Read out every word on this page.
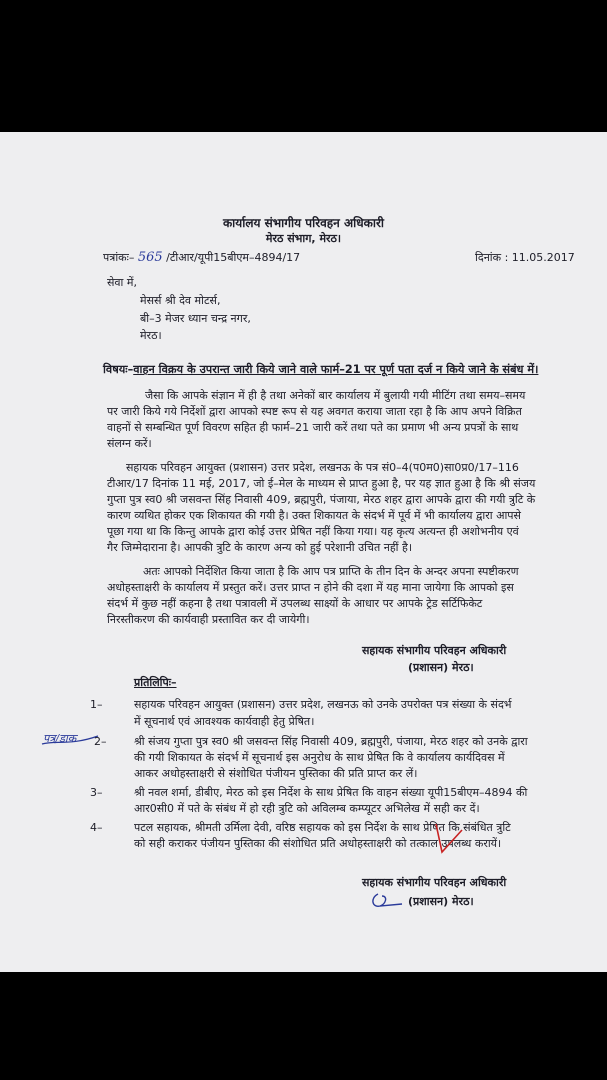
कार्यालय संभागीय परिवहन अधिकारी
मेरठ संभाग, मेरठ।
पत्रांकः– 565 /टीआर/यूपी15बीएम–4894/17	दिनांक : 11.05.2017
सेवा में,
मेसर्स श्री देव मोटर्स,
बी–3 मेजर ध्यान चन्द्र नगर,
मेरठ।
विषयः–वाहन विक्रय के उपरान्त जारी किये जाने वाले फार्म–21 पर पूर्ण पता दर्ज न किये जाने के संबंध में।
जैसा कि आपके संज्ञान में ही है तथा अनेकों बार कार्यालय में बुलायी गयी मीटिंग तथा समय–समय
पर जारी किये गये निर्देशों द्वारा आपको स्पष्ट रूप से यह अवगत कराया जाता रहा है कि आप अपने विक्रित
वाहनों से सम्बन्धित पूर्ण विवरण सहित ही फार्म–21 जारी करें तथा पते का प्रमाण भी अन्य प्रपत्रों के साथ
संलग्न करें।
सहायक परिवहन आयुक्त (प्रशासन) उत्तर प्रदेश, लखनऊ के पत्र सं0–4(प0म0)सा0प्र0/17–116
टीआर/17 दिनांक 11 मई, 2017, जो ई–मेल के माध्यम से प्राप्त हुआ है, पर यह ज्ञात हुआ है कि श्री संजय
गुप्ता पुत्र स्व0 श्री जसवन्त सिंह निवासी 409, ब्रह्मपुरी, पंजाया, मेरठ शहर द्वारा आपके द्वारा की गयी त्रुटि के
कारण व्यथित होकर एक शिकायत की गयी है। उक्त शिकायत के संदर्भ में पूर्व में भी कार्यालय द्वारा आपसे
पूछा गया था कि किन्तु आपके द्वारा कोई उत्तर प्रेषित नहीं किया गया। यह कृत्य अत्यन्त ही अशोभनीय एवं
गैर जिम्मेदाराना है। आपकी त्रुटि के कारण अन्य को हुई परेशानी उचित नहीं है।
अतः आपको निर्देशित किया जाता है कि आप पत्र प्राप्ति के तीन दिन के अन्दर अपना स्पष्टीकरण
अधोहस्ताक्षरी के कार्यालय में प्रस्तुत करें। उत्तर प्राप्त न होने की दशा में यह माना जायेगा कि आपको इस
संदर्भ में कुछ नहीं कहना है तथा पत्रावली में उपलब्ध साक्ष्यों के आधार पर आपके ट्रेड सर्टिफिकेट
निरस्तीकरण की कार्यवाही प्रस्तावित कर दी जायेगी।
सहायक संभागीय परिवहन अधिकारी
(प्रशासन) मेरठ।
प्रतिलिपिः–
1–	सहायक परिवहन आयुक्त (प्रशासन) उत्तर प्रदेश, लखनऊ को उनके उपरोक्त पत्र संख्या के संदर्भ
में सूचनार्थ एवं आवश्यक कार्यवाही हेतु प्रेषित।
पत्र/डाक 2–	श्री संजय गुप्ता पुत्र स्व0 श्री जसवन्त सिंह निवासी 409, ब्रह्मपुरी, पंजाया, मेरठ शहर को उनके द्वारा
की गयी शिकायत के संदर्भ में सूचनार्थ इस अनुरोध के साथ प्रेषित कि वे कार्यालय कार्यदिवस में
आकर अधोहस्ताक्षरी से संशोधित पंजीयन पुस्तिका की प्रति प्राप्त कर लें।
3–	श्री नवल शर्मा, डीबीए, मेरठ को इस निर्देश के साथ प्रेषित कि वाहन संख्या यूपी15बीएम–4894 की
आर0सी0 में पते के संबंध में हो रही त्रुटि को अविलम्ब कम्प्यूटर अभिलेख में सही कर दें।
4–	पटल सहायक, श्रीमती उर्मिला देवी, वरिष्ठ सहायक को इस निर्देश के साथ प्रेषित कि संबंधित त्रुटि
को सही कराकर पंजीयन पुस्तिका की संशोधित प्रति अधोहस्ताक्षरी को तत्काल उपलब्ध करायें।
सहायक संभागीय परिवहन अधिकारी
(प्रशासन) मेरठ।
